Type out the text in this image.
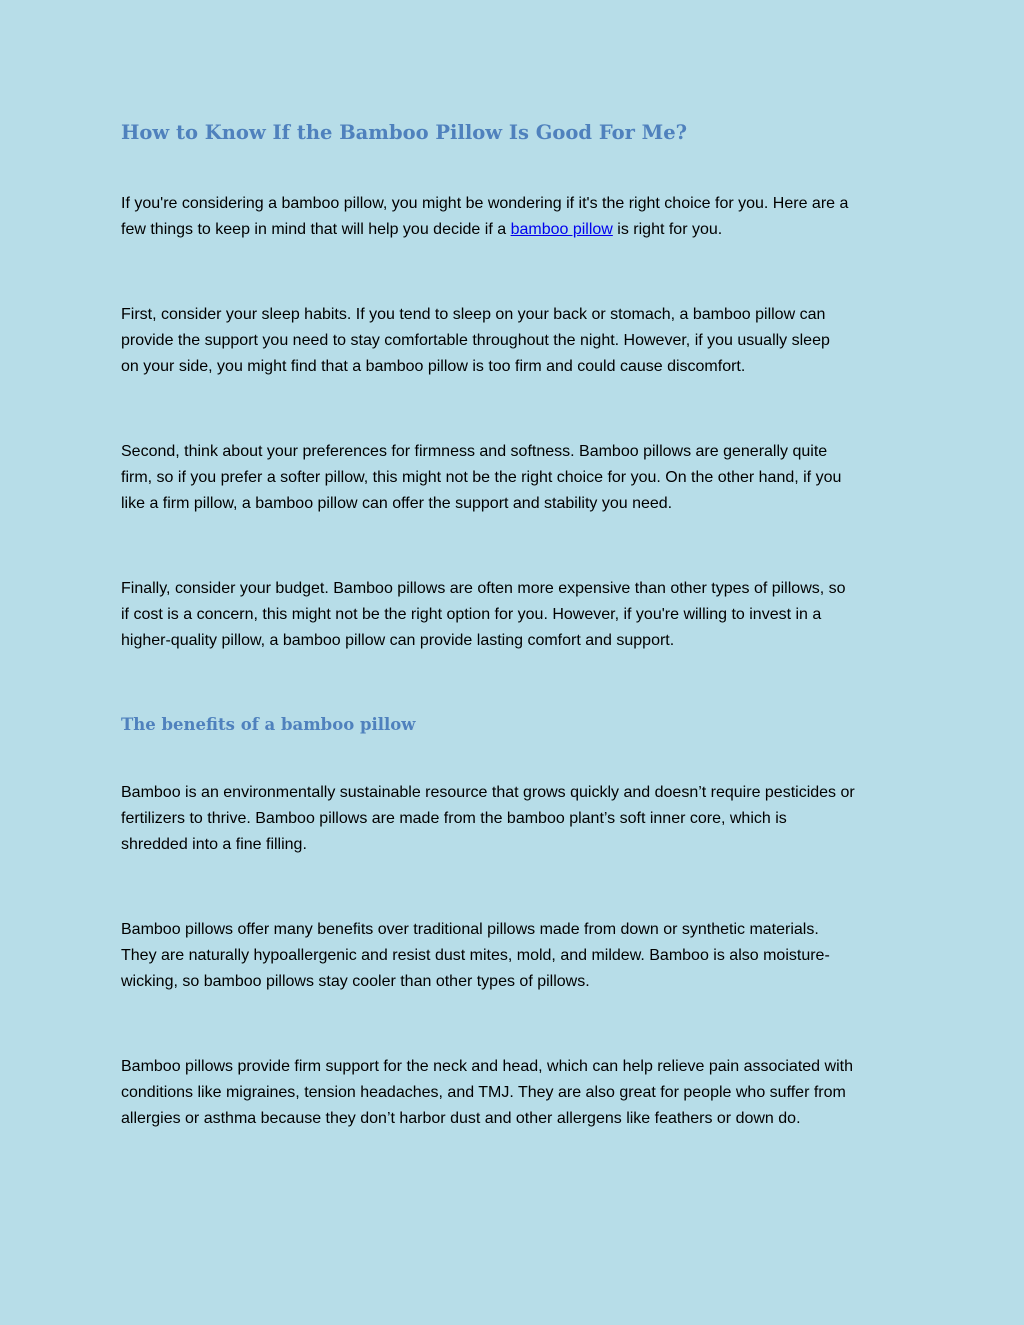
How to Know If the Bamboo Pillow Is Good For Me?

If you're considering a bamboo pillow, you might be wondering if it's the right choice for you. Here are a
few things to keep in mind that will help you decide if a bamboo pillow is right for you.

First, consider your sleep habits. If you tend to sleep on your back or stomach, a bamboo pillow can
provide the support you need to stay comfortable throughout the night. However, if you usually sleep
on your side, you might find that a bamboo pillow is too firm and could cause discomfort.

Second, think about your preferences for firmness and softness. Bamboo pillows are generally quite
firm, so if you prefer a softer pillow, this might not be the right choice for you. On the other hand, if you
like a firm pillow, a bamboo pillow can offer the support and stability you need.

Finally, consider your budget. Bamboo pillows are often more expensive than other types of pillows, so
if cost is a concern, this might not be the right option for you. However, if you're willing to invest in a
higher-quality pillow, a bamboo pillow can provide lasting comfort and support.

The benefits of a bamboo pillow

Bamboo is an environmentally sustainable resource that grows quickly and doesn’t require pesticides or
fertilizers to thrive. Bamboo pillows are made from the bamboo plant’s soft inner core, which is
shredded into a fine filling.

Bamboo pillows offer many benefits over traditional pillows made from down or synthetic materials.
They are naturally hypoallergenic and resist dust mites, mold, and mildew. Bamboo is also moisture-
wicking, so bamboo pillows stay cooler than other types of pillows.

Bamboo pillows provide firm support for the neck and head, which can help relieve pain associated with
conditions like migraines, tension headaches, and TMJ. They are also great for people who suffer from
allergies or asthma because they don’t harbor dust and other allergens like feathers or down do.
